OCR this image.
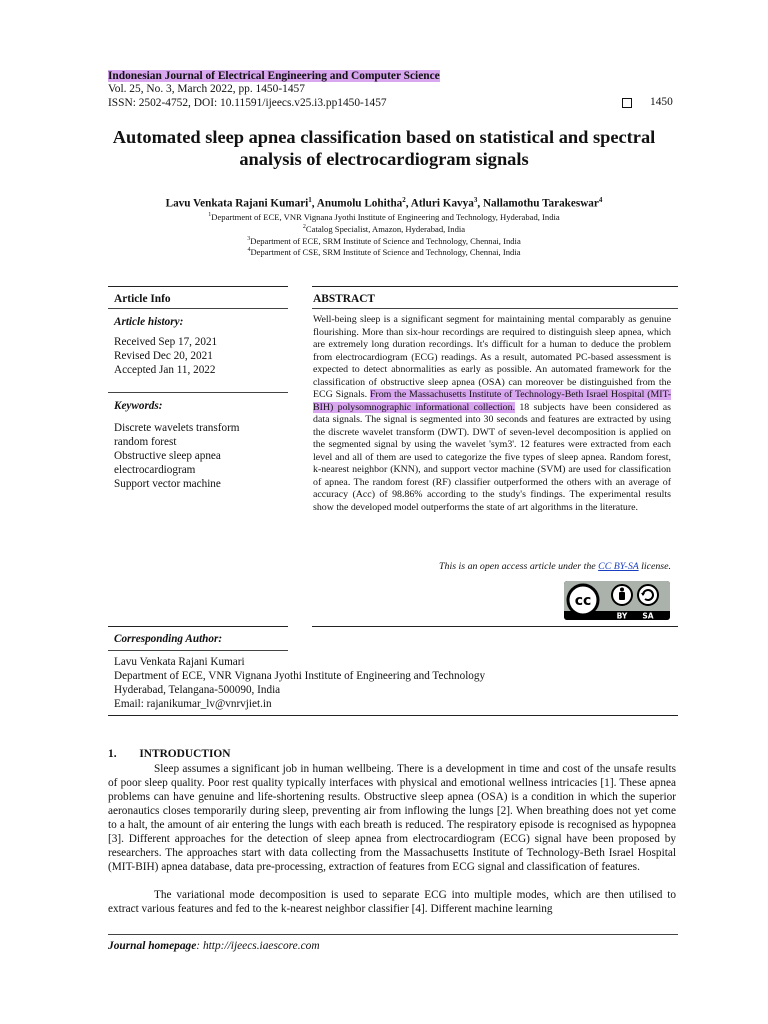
Indonesian Journal of Electrical Engineering and Computer Science
Vol. 25, No. 3, March 2022, pp. 1450-1457
ISSN: 2502-4752, DOI: 10.11591/ijeecs.v25.i3.pp1450-1457	1450
Automated sleep apnea classification based on statistical and spectral analysis of electrocardiogram signals
Lavu Venkata Rajani Kumari$^1$, Anumolu Lohitha$^2$, Atluri Kavya$^3$, Nallamothu Tarakeswar$^4$
$^1$Department of ECE, VNR Vignana Jyothi Institute of Engineering and Technology, Hyderabad, India
$^2$Catalog Specialist, Amazon, Hyderabad, India
$^3$Department of ECE, SRM Institute of Science and Technology, Chennai, India
$^4$Department of CSE, SRM Institute of Science and Technology, Chennai, India
Article Info
Article history:
Received Sep 17, 2021
Revised Dec 20, 2021
Accepted Jan 11, 2022
Keywords:
Discrete wavelets transform
random forest
Obstructive sleep apnea
electrocardiogram
Support vector machine
ABSTRACT
Well-being sleep is a significant segment for maintaining mental comparably as genuine flourishing. More than six-hour recordings are required to distinguish sleep apnea, which are extremely long duration recordings. It's difficult for a human to deduce the problem from electrocardiogram (ECG) readings. As a result, automated PC-based assessment is expected to detect abnormalities as early as possible. An automated framework for the classification of obstructive sleep apnea (OSA) can moreover be distinguished from the ECG Signals. From the Massachusetts Institute of Technology-Beth Israel Hospital (MIT-BIH) polysomnographic informational collection. 18 subjects have been considered as data signals. The signal is segmented into 30 seconds and features are extracted by using the discrete wavelet transform (DWT). DWT of seven-level decomposition is applied on the segmented signal by using the wavelet 'sym3'. 12 features were extracted from each level and all of them are used to categorize the five types of sleep apnea. Random forest, k-nearest neighbor (KNN), and support vector machine (SVM) are used for classification of apnea. The random forest (RF) classifier outperformed the others with an average of accuracy (Acc) of 98.86% according to the study's findings. The experimental results show the developed model outperforms the state of art algorithms in the literature.
This is an open access article under the CC BY-SA license.
cc
BY SA
Corresponding Author:
Lavu Venkata Rajani Kumari
Department of ECE, VNR Vignana Jyothi Institute of Engineering and Technology
Hyderabad, Telangana-500090, India
Email: rajanikumar_lv@vnrvjiet.in
1.        INTRODUCTION
Sleep assumes a significant job in human wellbeing. There is a development in time and cost of the unsafe results of poor sleep quality. Poor rest quality typically interfaces with physical and emotional wellness intricacies [1]. These apnea problems can have genuine and life-shortening results. Obstructive sleep apnea (OSA) is a condition in which the superior aeronautics closes temporarily during sleep, preventing air from inflowing the lungs [2]. When breathing does not yet come to a halt, the amount of air entering the lungs with each breath is reduced. The respiratory episode is recognised as hypopnea [3]. Different approaches for the detection of sleep apnea from electrocardiogram (ECG) signal have been proposed by researchers. The approaches start with data collecting from the Massachusetts Institute of Technology-Beth Israel Hospital (MIT-BIH) apnea database, data pre-processing, extraction of features from ECG signal and classification of features.
The variational mode decomposition is used to separate ECG into multiple modes, which are then utilised to extract various features and fed to the k-nearest neighbor classifier [4]. Different machine learning
Journal homepage: http://ijeecs.iaescore.com
